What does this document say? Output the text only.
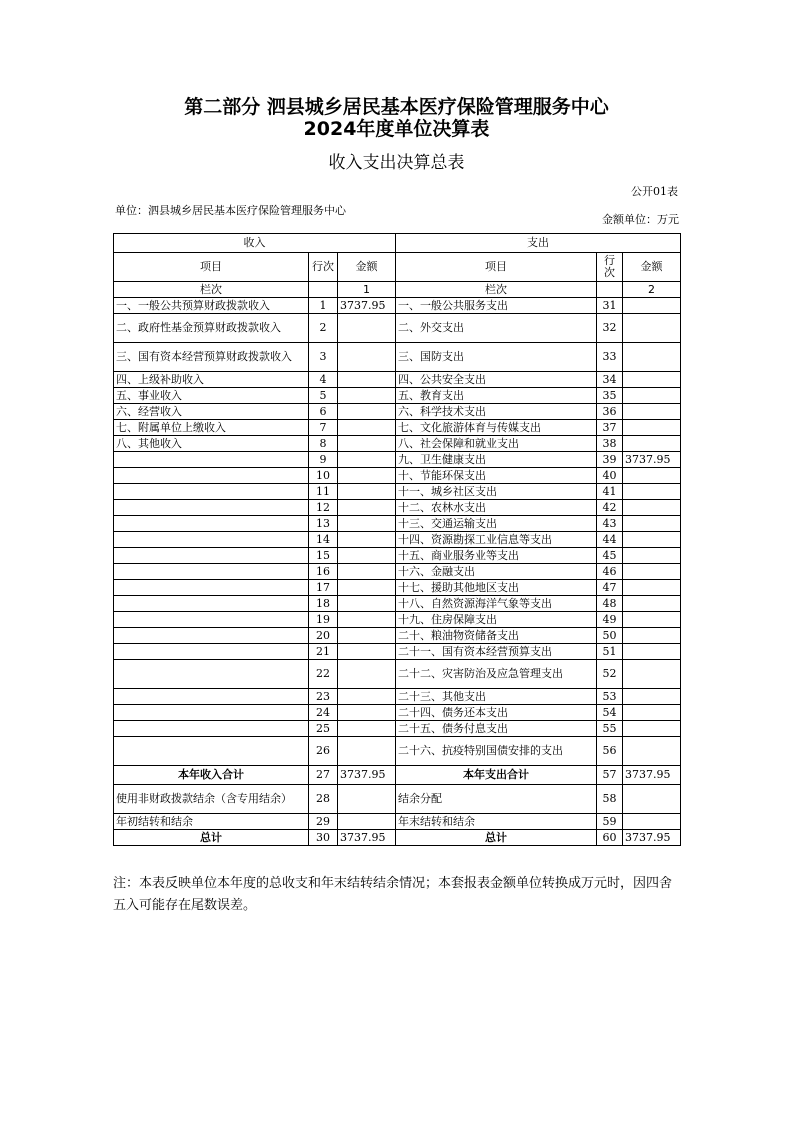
第二部分 泗县城乡居民基本医疗保险管理服务中心
2024年度单位决算表
收入支出决算总表
公开01表
单位：泗县城乡居民基本医疗保险管理服务中心
金额单位：万元
收入			支出		
项目	行次	金额	项目	行次	金额
栏次		1	栏次		2
一、一般公共预算财政拨款收入	1	3737.95	一、一般公共服务支出	31	
二、政府性基金预算财政拨款收入	2		二、外交支出	32	
三、国有资本经营预算财政拨款收入	3		三、国防支出	33	
四、上级补助收入	4		四、公共安全支出	34	
五、事业收入	5		五、教育支出	35	
六、经营收入	6		六、科学技术支出	36	
七、附属单位上缴收入	7		七、文化旅游体育与传媒支出	37	
八、其他收入	8		八、社会保障和就业支出	38	
	9		九、卫生健康支出	39	3737.95
	10		十、节能环保支出	40	
	11		十一、城乡社区支出	41	
	12		十二、农林水支出	42	
	13		十三、交通运输支出	43	
	14		十四、资源勘探工业信息等支出	44	
	15		十五、商业服务业等支出	45	
	16		十六、金融支出	46	
	17		十七、援助其他地区支出	47	
	18		十八、自然资源海洋气象等支出	48	
	19		十九、住房保障支出	49	
	20		二十、粮油物资储备支出	50	
	21		二十一、国有资本经营预算支出	51	
	22		二十二、灾害防治及应急管理支出	52	
	23		二十三、其他支出	53	
	24		二十四、债务还本支出	54	
	25		二十五、债务付息支出	55	
	26		二十六、抗疫特别国债安排的支出	56	
本年收入合计	27	3737.95	本年支出合计	57	3737.95
使用非财政拨款结余（含专用结余）	28		结余分配	58	
年初结转和结余	29		年末结转和结余	59	
总计	30	3737.95	总计	60	3737.95
注：本表反映单位本年度的总收支和年末结转结余情况；本套报表金额单位转换成万元时，因四舍五入可能存在尾数误差。
